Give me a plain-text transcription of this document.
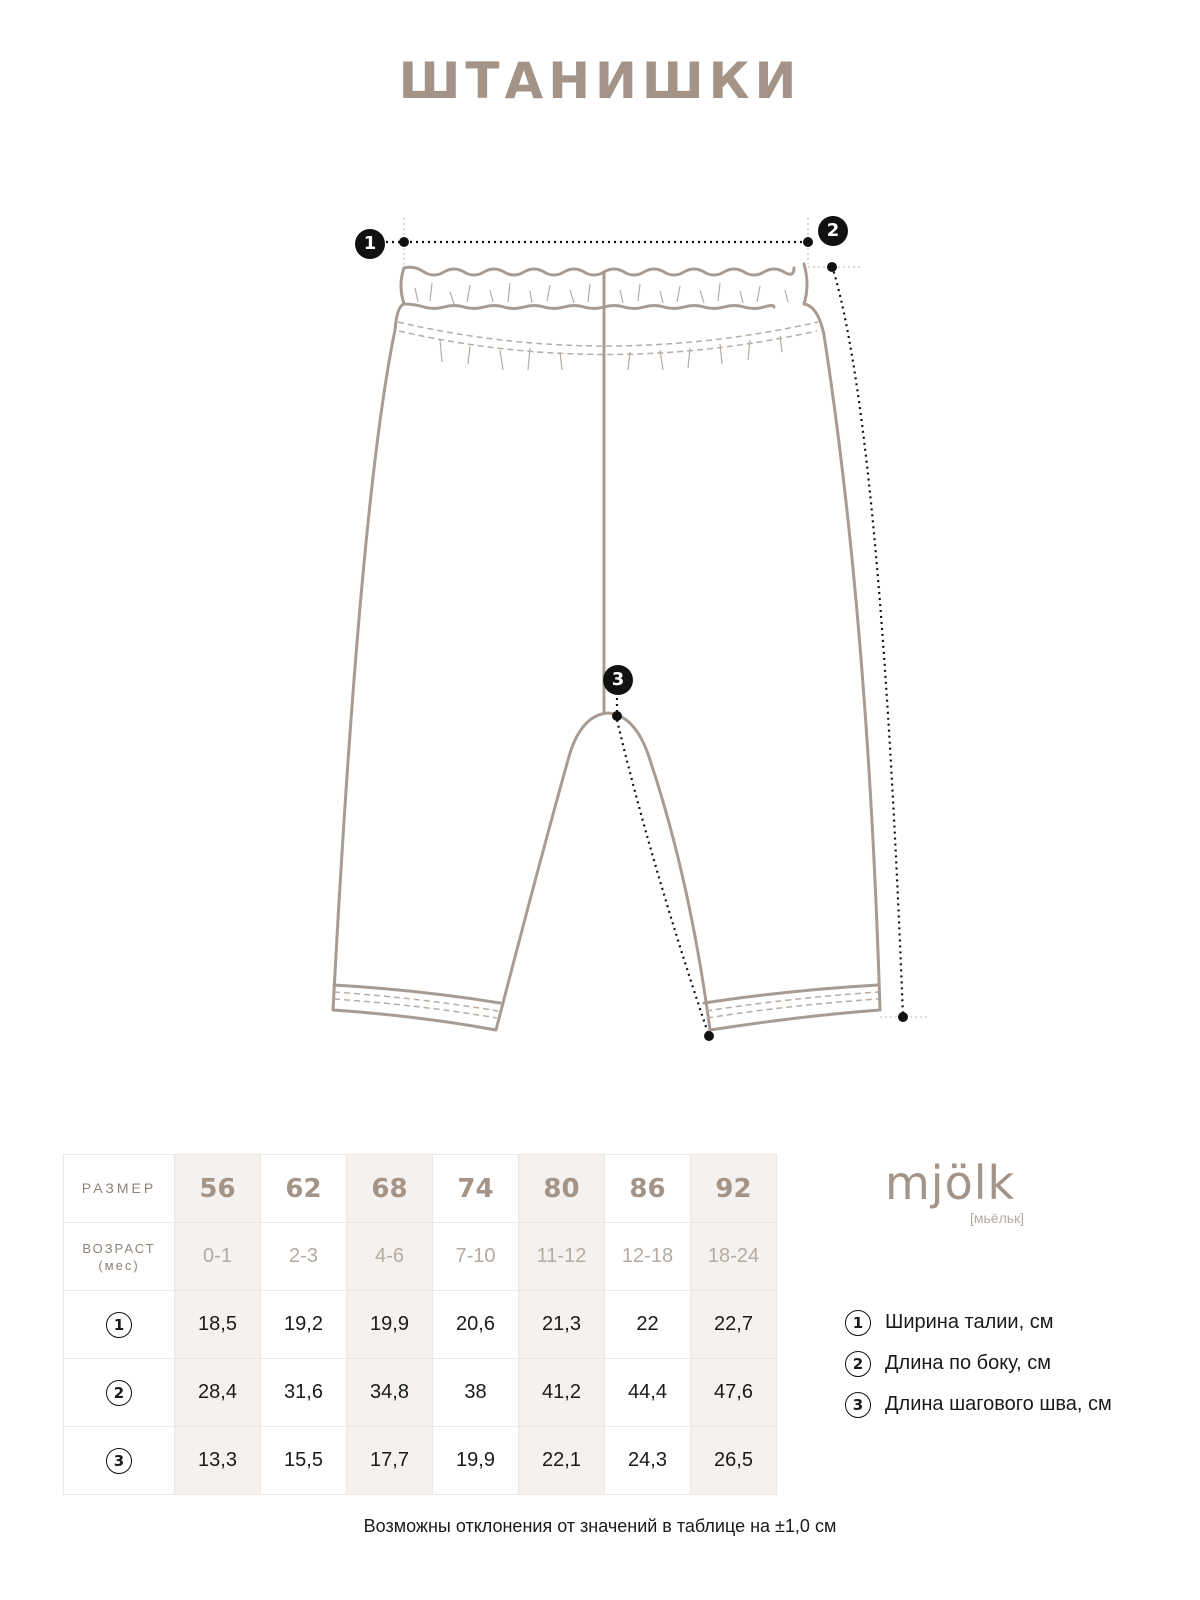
ШТАНИШКИ
1
2
3
РАЗМЕР	56	62	68	74	80	86	92

ВОЗРАСТ
(мес)	0-1	2-3	4-6	7-10	11-12	12-18	18-24
1	18,5	19,2	19,9	20,6	21,3	22	22,7
2	28,4	31,6	34,8	38	41,2	44,4	47,6
3	13,3	15,5	17,7	19,9	22,1	24,3	26,5
mjölk
[мьёльк]
1	Ширина талии, см
2	Длина по боку, см
3	Длина шагового шва, см
Возможны отклонения от значений в таблице на ±1,0 см
